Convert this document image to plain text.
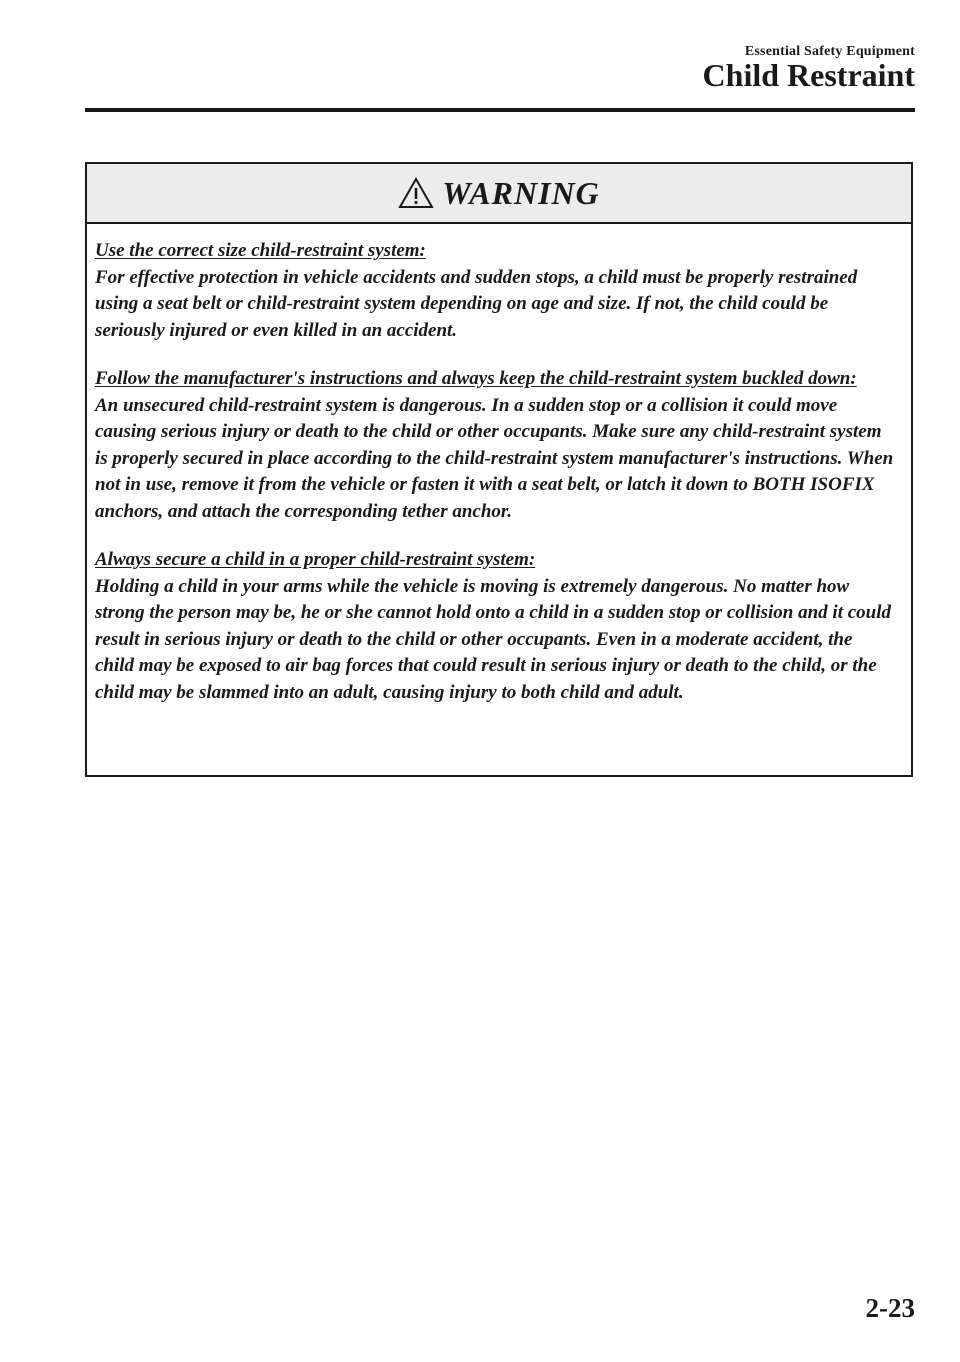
Essential Safety Equipment
Child Restraint
WARNING

Use the correct size child-restraint system:
For effective protection in vehicle accidents and sudden stops, a child must be properly restrained using a seat belt or child-restraint system depending on age and size. If not, the child could be seriously injured or even killed in an accident.

Follow the manufacturer's instructions and always keep the child-restraint system buckled down:
An unsecured child-restraint system is dangerous. In a sudden stop or a collision it could move causing serious injury or death to the child or other occupants. Make sure any child-restraint system is properly secured in place according to the child-restraint system manufacturer's instructions. When not in use, remove it from the vehicle or fasten it with a seat belt, or latch it down to BOTH ISOFIX anchors, and attach the corresponding tether anchor.

Always secure a child in a proper child-restraint system:
Holding a child in your arms while the vehicle is moving is extremely dangerous. No matter how strong the person may be, he or she cannot hold onto a child in a sudden stop or collision and it could result in serious injury or death to the child or other occupants. Even in a moderate accident, the child may be exposed to air bag forces that could result in serious injury or death to the child, or the child may be slammed into an adult, causing injury to both child and adult.

2-23
